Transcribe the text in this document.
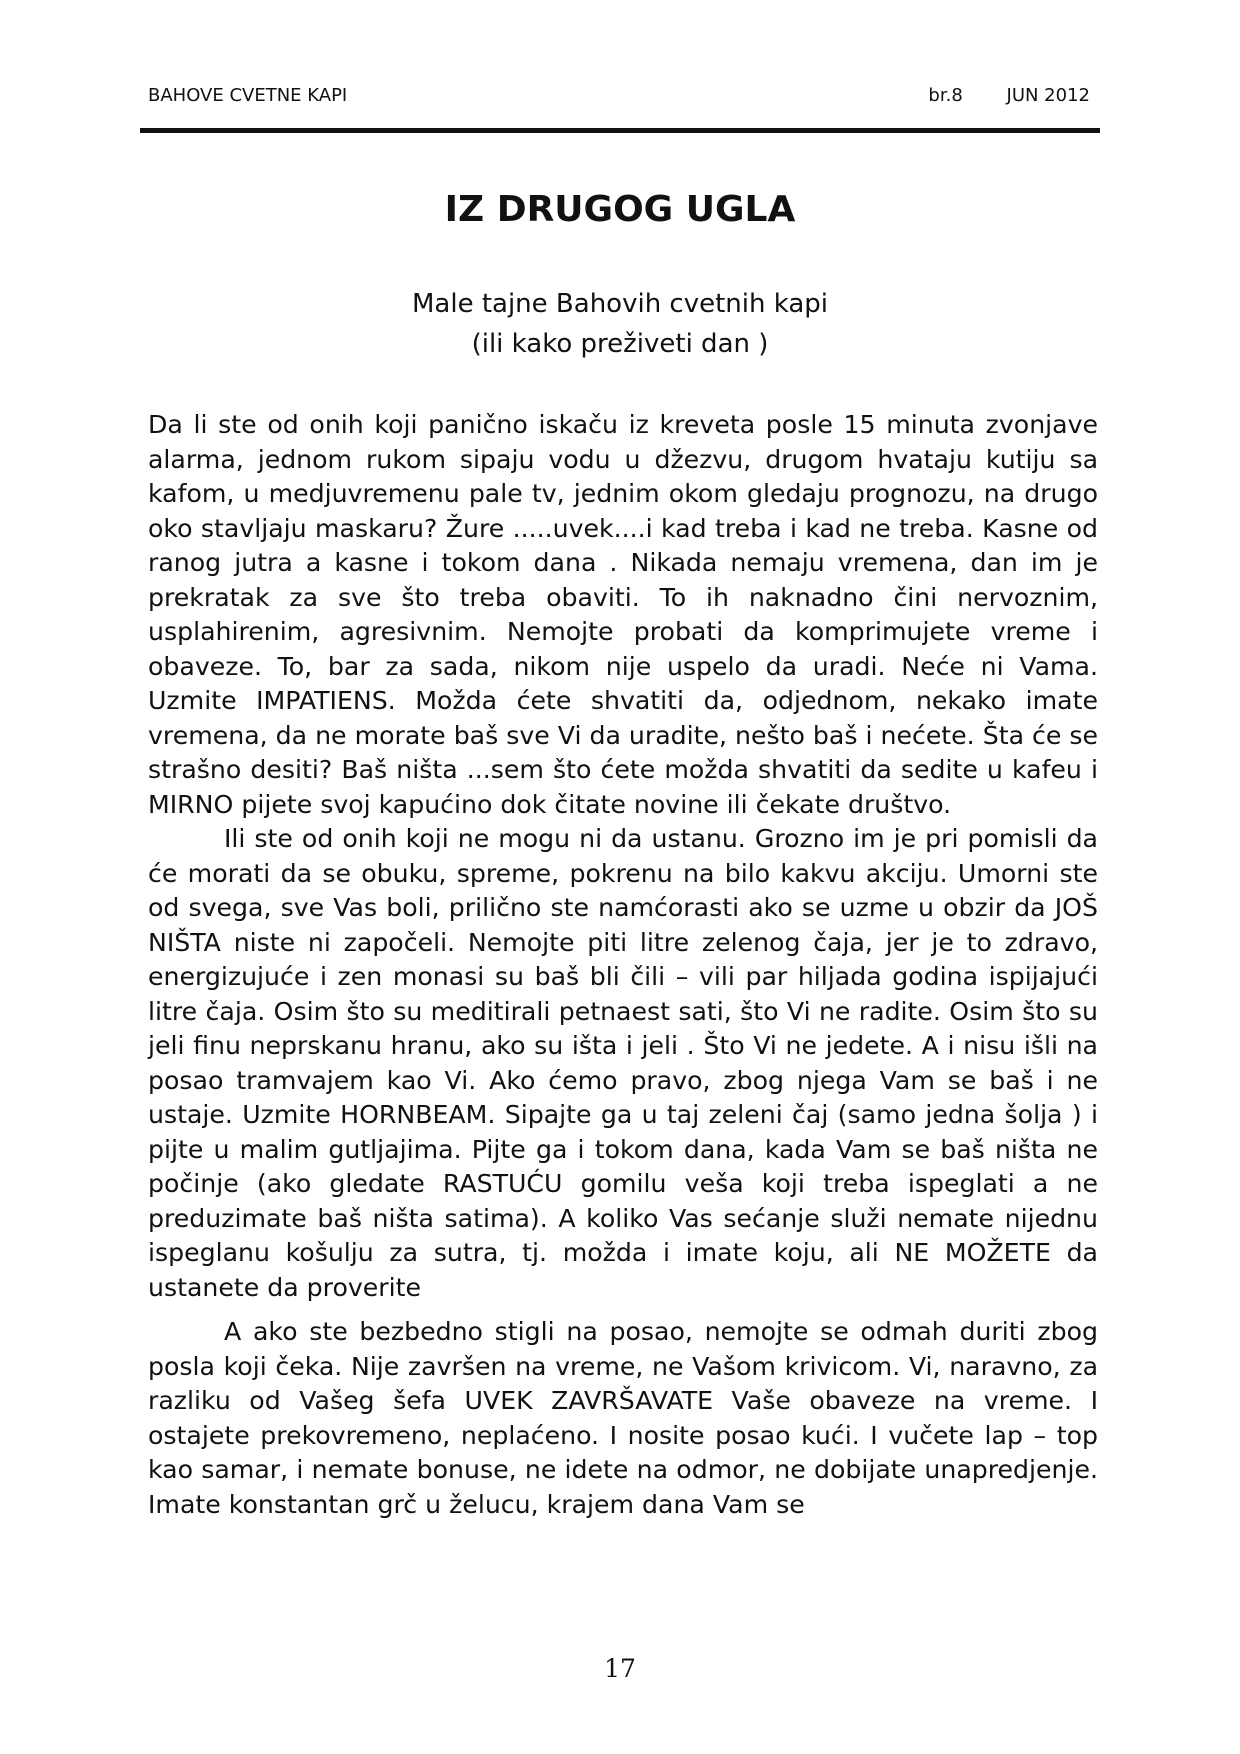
BAHOVE CVETNE KAPI	br.8 JUN 2012
IZ DRUGOG UGLA
Male tajne Bahovih cvetnih kapi
(ili kako preživeti dan )

Da li ste od onih koji panično iskaču iz kreveta posle 15 minuta zvonjave alarma, jednom rukom sipaju vodu u džezvu, drugom hvataju kutiju sa kafom, u medjuvremenu pale tv, jednim okom gledaju prognozu, na drugo oko stavljaju maskaru? Žure .....uvek....i kad treba i kad ne treba. Kasne od ranog jutra a kasne i tokom dana . Nikada nemaju vremena, dan im je prekratak za sve što treba obaviti. To ih naknadno čini nervoznim, usplahirenim, agresivnim. Nemojte probati da komprimujete vreme i obaveze. To, bar za sada, nikom nije uspelo da uradi. Neće ni Vama. Uzmite IMPATIENS. Možda ćete shvatiti da, odjednom, nekako imate vremena, da ne morate baš sve Vi da uradite, nešto baš i nećete. Šta će se strašno desiti? Baš ništa ...sem što ćete možda shvatiti da sedite u kafeu i MIRNO pijete svoj kapućino dok čitate novine ili čekate društvo.

Ili ste od onih koji ne mogu ni da ustanu. Grozno im je pri pomisli da će morati da se obuku, spreme, pokrenu na bilo kakvu akciju. Umorni ste od svega, sve Vas boli, prilično ste namćorasti ako se uzme u obzir da JOŠ NIŠTA niste ni započeli. Nemojte piti litre zelenog čaja, jer je to zdravo, energizujuće i zen monasi su baš bli čili – vili par hiljada godina ispijajući litre čaja. Osim što su meditirali petnaest sati, što Vi ne radite. Osim što su jeli finu neprskanu hranu, ako su išta i jeli . Što Vi ne jedete. A i nisu išli na posao tramvajem kao Vi. Ako ćemo pravo, zbog njega Vam se baš i ne ustaje. Uzmite HORNBEAM. Sipajte ga u taj zeleni čaj (samo jedna šolja ) i pijte u malim gutljajima. Pijte ga i tokom dana, kada Vam se baš ništa ne počinje (ako gledate RASTUĆU gomilu veša koji treba ispeglati a ne preduzimate baš ništa satima). A koliko Vas sećanje služi nemate nijednu ispeglanu košulju za sutra, tj. možda i imate koju, ali NE MOŽETE da ustanete da proverite

A ako ste bezbedno stigli na posao, nemojte se odmah duriti zbog posla koji čeka. Nije završen na vreme, ne Vašom krivicom. Vi, naravno, za razliku od Vašeg šefa UVEK ZAVRŠAVATE Vaše obaveze na vreme. I ostajete prekovremeno, neplaćeno. I nosite posao kući. I vučete lap – top kao samar, i nemate bonuse, ne idete na odmor, ne dobijate unapredjenje. Imate konstantan grč u želucu, krajem dana Vam se

17
